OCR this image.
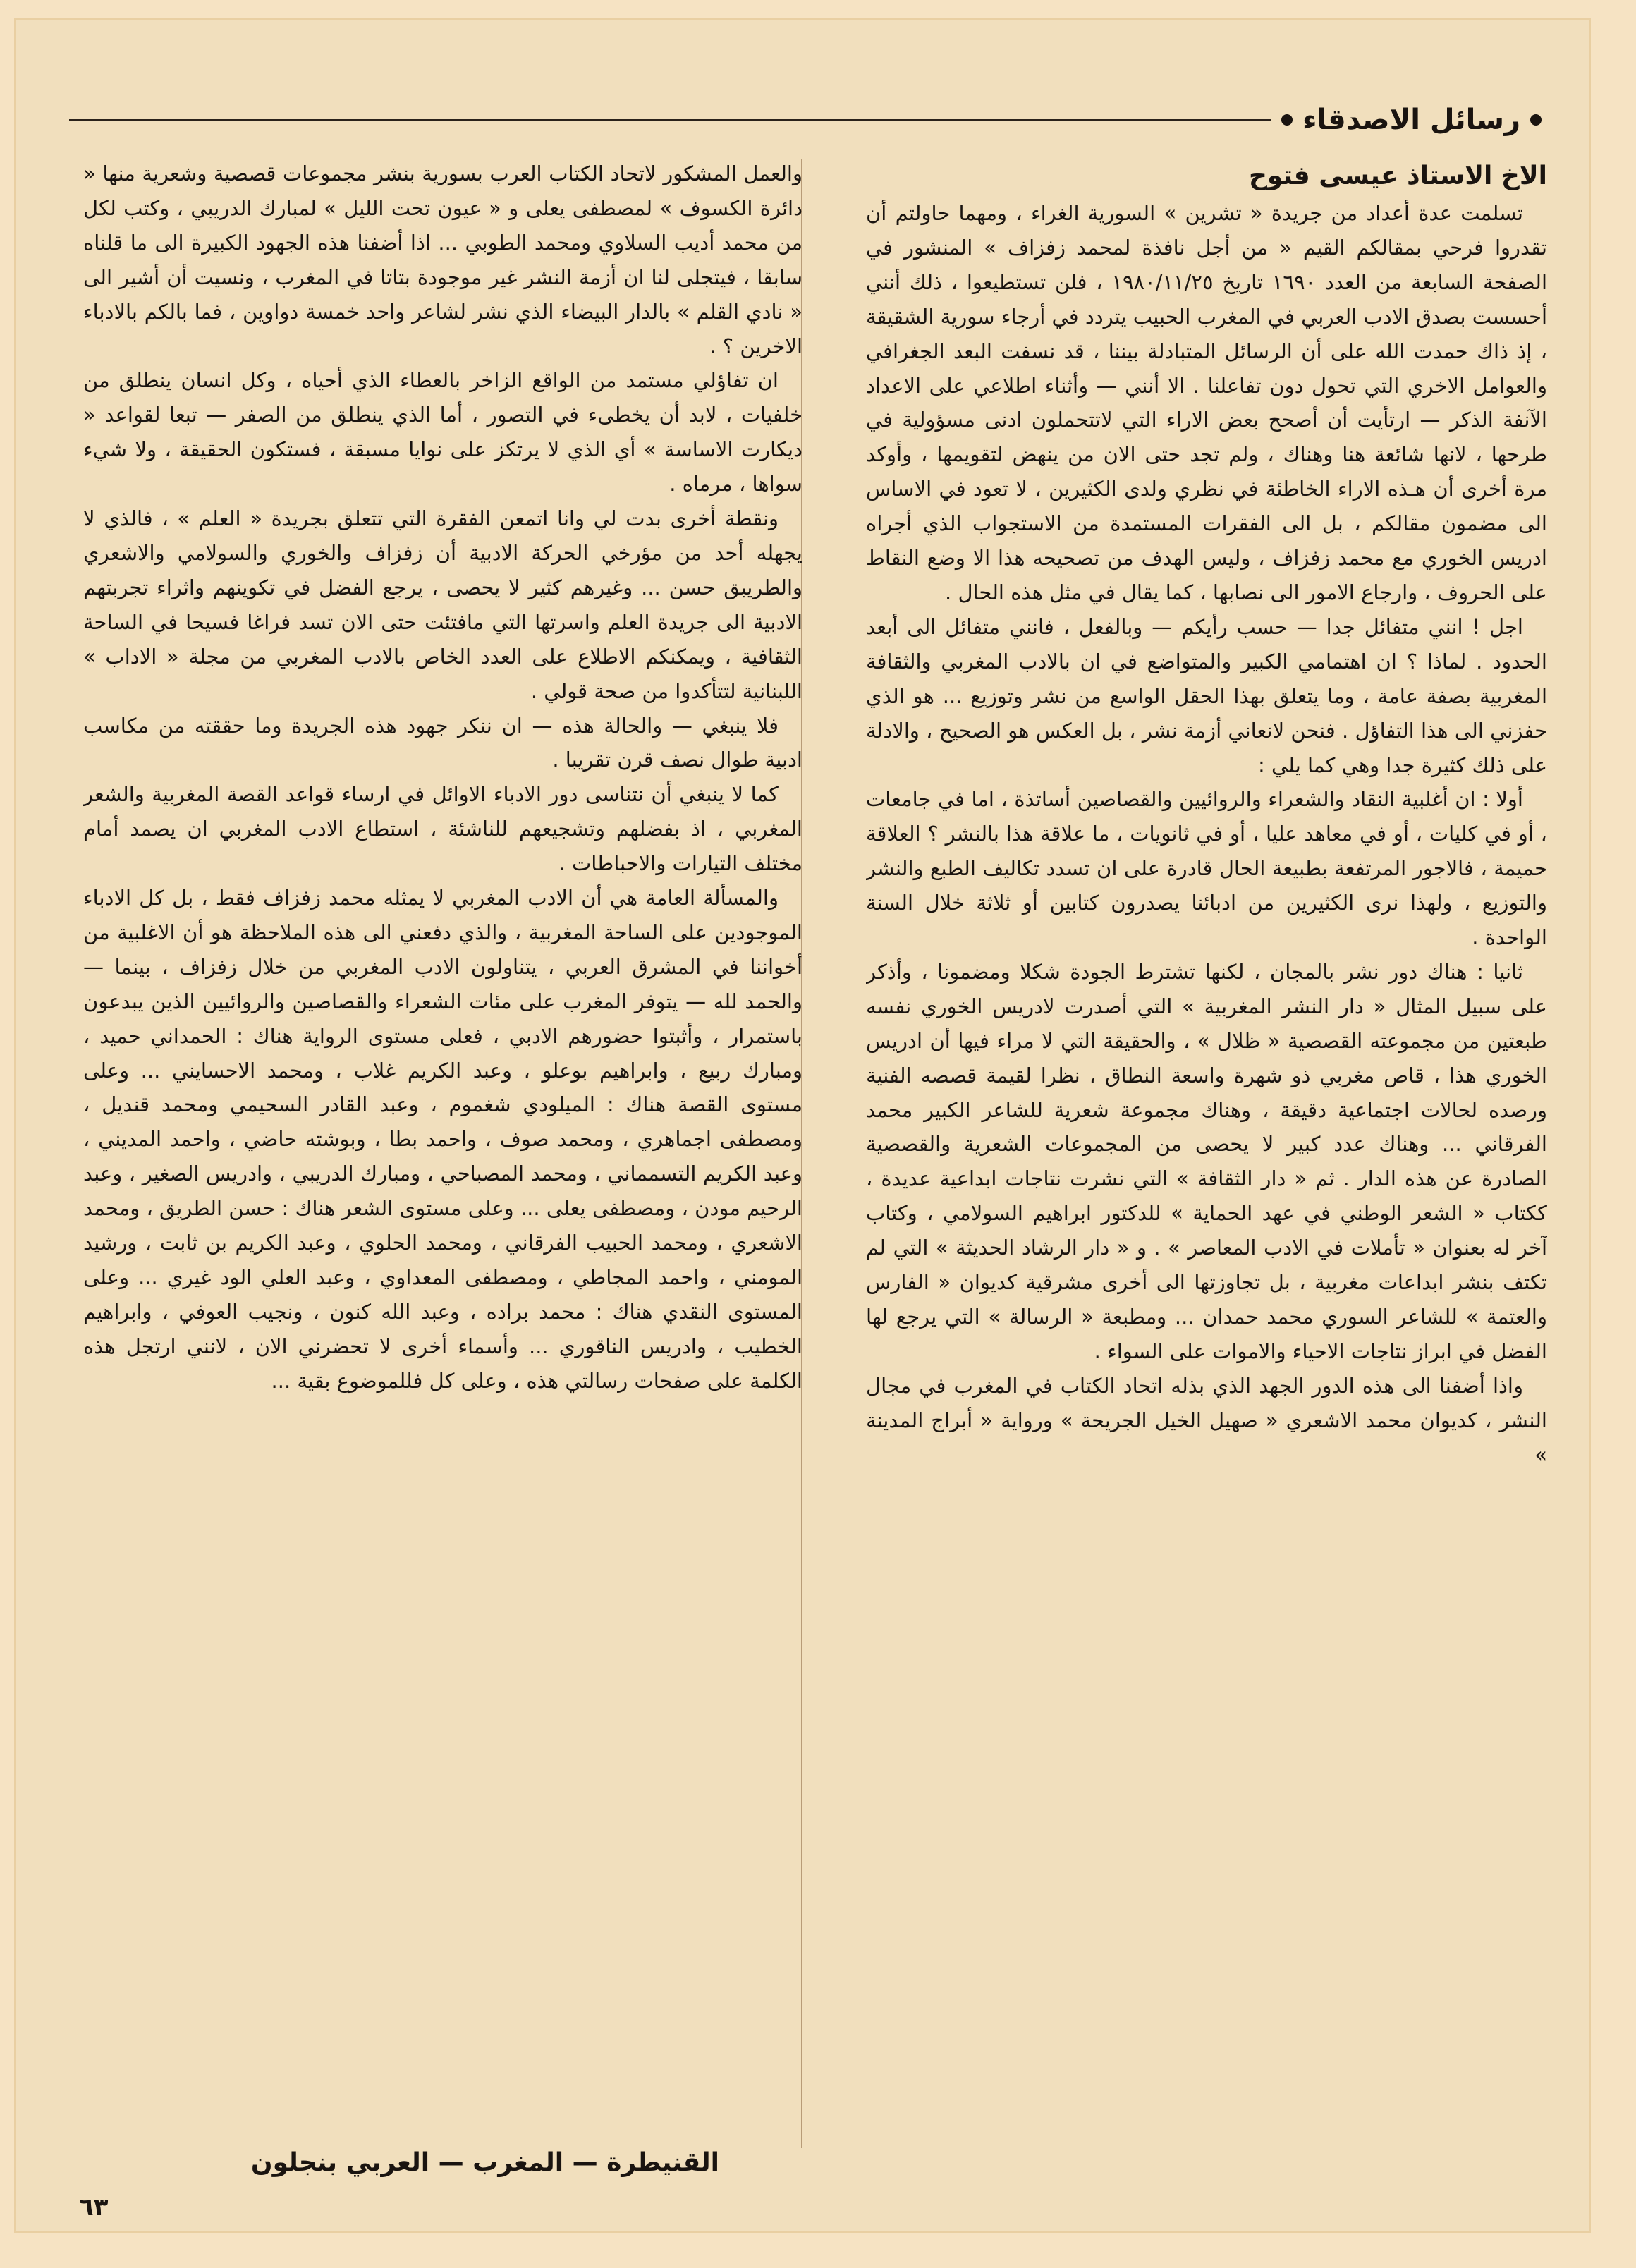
رسائل الاصدقاء

الاخ الاستاذ عيسى فتوح

تسلمت عدة أعداد من جريدة « تشرين » السورية الغراء ، ومهما حاولتم أن تقدروا فرحي بمقالكم القيم « من أجل نافذة لمحمد زفزاف » المنشور في الصفحة السابعة من العدد ١٦٩٠ تاريخ ١٩٨٠/١١/٢٥ ، فلن تستطيعوا ، ذلك أنني أحسست بصدق الادب العربي في المغرب الحبيب يتردد في أرجاء سورية الشقيقة ، إذ ذاك حمدت الله على أن الرسائل المتبادلة بيننا ، قد نسفت البعد الجغرافي والعوامل الاخري التي تحول دون تفاعلنا . الا أنني — وأثناء اطلاعي على الاعداد الآنفة الذكر — ارتأيت أن أصحح بعض الاراء التي لاتتحملون ادنى مسؤولية في طرحها ، لانها شائعة هنا وهناك ، ولم تجد حتى الان من ينهض لتقويمها ، وأوكد مرة أخرى أن هـذه الاراء الخاطئة في نظري ولدى الكثيرين ، لا تعود في الاساس الى مضمون مقالكم ، بل الى الفقرات المستمدة من الاستجواب الذي أجراه ادريس الخوري مع محمد زفزاف ، وليس الهدف من تصحيحه هذا الا وضع النقاط على الحروف ، وارجاع الامور الى نصابها ، كما يقال في مثل هذه الحال .

اجل ! انني متفائل جدا — حسب رأيكم — وبالفعل ، فانني متفائل الى أبعد الحدود . لماذا ؟ ان اهتمامي الكبير والمتواضع في ان بالادب المغربي والثقافة المغربية بصفة عامة ، وما يتعلق بهذا الحقل الواسع من نشر وتوزيع ... هو الذي حفزني الى هذا التفاؤل . فنحن لانعاني أزمة نشر ، بل العكس هو الصحيح ، والادلة على ذلك كثيرة جدا وهي كما يلي :

أولا : ان أغلبية النقاد والشعراء والروائيين والقصاصين أساتذة ، اما في جامعات ، أو في كليات ، أو في معاهد عليا ، أو في ثانويات ، ما علاقة هذا بالنشر ؟ العلاقة حميمة ، فالاجور المرتفعة بطبيعة الحال قادرة على ان تسدد تكاليف الطبع والنشر والتوزيع ، ولهذا نرى الكثيرين من ادبائنا يصدرون كتابين أو ثلاثة خلال السنة الواحدة .

ثانيا : هناك دور نشر بالمجان ، لكنها تشترط الجودة شكلا ومضمونا ، وأذكر على سبيل المثال « دار النشر المغربية » التي أصدرت لادريس الخوري نفسه طبعتين من مجموعته القصصية « ظلال » ، والحقيقة التي لا مراء فيها أن ادريس الخوري هذا ، قاص مغربي ذو شهرة واسعة النطاق ، نظرا لقيمة قصصه الفنية ورصده لحالات اجتماعية دقيقة ، وهناك مجموعة شعرية للشاعر الكبير محمد الفرقاني ... وهناك عدد كبير لا يحصى من المجموعات الشعرية والقصصية الصادرة عن هذه الدار . ثم « دار الثقافة » التي نشرت نتاجات ابداعية عديدة ، ككتاب « الشعر الوطني في عهد الحماية » للدكتور ابراهيم السولامي ، وكتاب آخر له بعنوان « تأملات في الادب المعاصر » . و « دار الرشاد الحديثة » التي لم تكتف بنشر ابداعات مغربية ، بل تجاوزتها الى أخرى مشرقية كديوان « الفارس والعتمة » للشاعر السوري محمد حمدان ... ومطبعة « الرسالة » التي يرجع لها الفضل في ابراز نتاجات الاحياء والاموات على السواء .

واذا أضفنا الى هذه الدور الجهد الذي بذله اتحاد الكتاب في المغرب في مجال النشر ، كديوان محمد الاشعري « صهيل الخيل الجريحة » ورواية « أبراج المدينة »

والعمل المشكور لاتحاد الكتاب العرب بسورية بنشر مجموعات قصصية وشعرية منها « دائرة الكسوف » لمصطفى يعلى و « عيون تحت الليل » لمبارك الدريبي ، وكتب لكل من محمد أديب السلاوي ومحمد الطوبي ... اذا أضفنا هذه الجهود الكبيرة الى ما قلناه سابقا ، فيتجلى لنا ان أزمة النشر غير موجودة بتاتا في المغرب ، ونسيت أن أشير الى « نادي القلم » بالدار البيضاء الذي نشر لشاعر واحد خمسة دواوين ، فما بالكم بالادباء الاخرين ؟ .

ان تفاؤلي مستمد من الواقع الزاخر بالعطاء الذي أحياه ، وكل انسان ينطلق من خلفيات ، لابد أن يخطىء في التصور ، أما الذي ينطلق من الصفر — تبعا لقواعد « ديكارت الاساسة » أي الذي لا يرتكز على نوايا مسبقة ، فستكون الحقيقة ، ولا شيء سواها ، مرماه .

ونقطة أخرى بدت لي وانا اتمعن الفقرة التي تتعلق بجريدة « العلم » ، فالذي لا يجهله أحد من مؤرخي الحركة الادبية أن زفزاف والخوري والسولامي والاشعري والطريبق حسن ... وغيرهم كثير لا يحصى ، يرجع الفضل في تكوينهم واثراء تجربتهم الادبية الى جريدة العلم واسرتها التي مافتئت حتى الان تسد فراغا فسيحا في الساحة الثقافية ، ويمكنكم الاطلاع على العدد الخاص بالادب المغربي من مجلة « الاداب » اللبنانية لتتأكدوا من صحة قولي .

فلا ينبغي — والحالة هذه — ان ننكر جهود هذه الجريدة وما حققته من مكاسب ادبية طوال نصف قرن تقريبا .

كما لا ينبغي أن نتناسى دور الادباء الاوائل في ارساء قواعد القصة المغربية والشعر المغربي ، اذ بفضلهم وتشجيعهم للناشئة ، استطاع الادب المغربي ان يصمد أمام مختلف التيارات والاحباطات .

والمسألة العامة هي أن الادب المغربي لا يمثله محمد زفزاف فقط ، بل كل الادباء الموجودين على الساحة المغربية ، والذي دفعني الى هذه الملاحظة هو أن الاغلبية من أخواننا في المشرق العربي ، يتناولون الادب المغربي من خلال زفزاف ، بينما — والحمد لله — يتوفر المغرب على مئات الشعراء والقصاصين والروائيين الذين يبدعون باستمرار ، وأثبتوا حضورهم الادبي ، فعلى مستوى الرواية هناك : الحمداني حميد ، ومبارك ربيع ، وابراهيم بوعلو ، وعبد الكريم غلاب ، ومحمد الاحسايني ... وعلى مستوى القصة هناك : الميلودي شغموم ، وعبد القادر السحيمي ومحمد قنديل ، ومصطفى اجماهري ، ومحمد صوف ، واحمد بطا ، وبوشته حاضي ، واحمد المديني ، وعبد الكريم التسمماني ، ومحمد المصباحي ، ومبارك الدريبي ، وادريس الصغير ، وعبد الرحيم مودن ، ومصطفى يعلى ... وعلى مستوى الشعر هناك : حسن الطريق ، ومحمد الاشعري ، ومحمد الحبيب الفرقاني ، ومحمد الحلوي ، وعبد الكريم بن ثابت ، ورشيد المومني ، واحمد المجاطي ، ومصطفى المعداوي ، وعبد العلي الود غيري ... وعلى المستوى النقدي هناك : محمد براده ، وعبد الله كنون ، ونجيب العوفي ، وابراهيم الخطيب ، وادريس الناقوري ... وأسماء أخرى لا تحضرني الان ، لانني ارتجل هذه الكلمة على صفحات رسالتي هذه ، وعلى كل فللموضوع بقية ...

القنيطرة — المغرب — العربي بنجلون
٦٣
